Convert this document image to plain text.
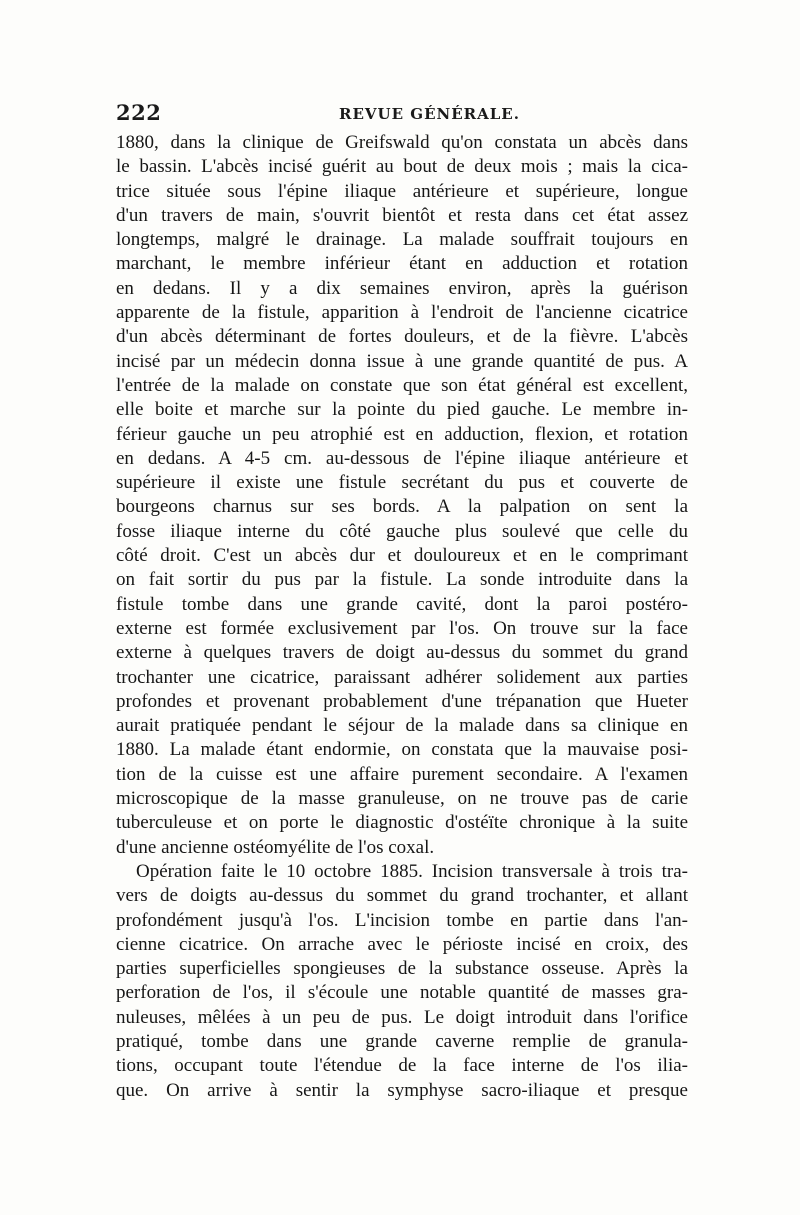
222	REVUE GÉNÉRALE.
1880, dans la clinique de Greifswald qu'on constata un abcès dans
le bassin. L'abcès incisé guérit au bout de deux mois ; mais la cica-
trice située sous l'épine iliaque antérieure et supérieure, longue
d'un travers de main, s'ouvrit bientôt et resta dans cet état assez
longtemps, malgré le drainage. La malade souffrait toujours en
marchant, le membre inférieur étant en adduction et rotation
en dedans. Il y a dix semaines environ, après la guérison
apparente de la fistule, apparition à l'endroit de l'ancienne cicatrice
d'un abcès déterminant de fortes douleurs, et de la fièvre. L'abcès
incisé par un médecin donna issue à une grande quantité de pus. A
l'entrée de la malade on constate que son état général est excellent,
elle boite et marche sur la pointe du pied gauche. Le membre in-
férieur gauche un peu atrophié est en adduction, flexion, et rotation
en dedans. A 4-5 cm. au-dessous de l'épine iliaque antérieure et
supérieure il existe une fistule secrétant du pus et couverte de
bourgeons charnus sur ses bords. A la palpation on sent la
fosse iliaque interne du côté gauche plus soulevé que celle du
côté droit. C'est un abcès dur et douloureux et en le comprimant
on fait sortir du pus par la fistule. La sonde introduite dans la
fistule tombe dans une grande cavité, dont la paroi postéro-
externe est formée exclusivement par l'os. On trouve sur la face
externe à quelques travers de doigt au-dessus du sommet du grand
trochanter une cicatrice, paraissant adhérer solidement aux parties
profondes et provenant probablement d'une trépanation que Hueter
aurait pratiquée pendant le séjour de la malade dans sa clinique en
1880. La malade étant endormie, on constata que la mauvaise posi-
tion de la cuisse est une affaire purement secondaire. A l'examen
microscopique de la masse granuleuse, on ne trouve pas de carie
tuberculeuse et on porte le diagnostic d'ostéïte chronique à la suite
d'une ancienne ostéomyélite de l'os coxal.
Opération faite le 10 octobre 1885. Incision transversale à trois tra-
vers de doigts au-dessus du sommet du grand trochanter, et allant
profondément jusqu'à l'os. L'incision tombe en partie dans l'an-
cienne cicatrice. On arrache avec le périoste incisé en croix, des
parties superficielles spongieuses de la substance osseuse. Après la
perforation de l'os, il s'écoule une notable quantité de masses gra-
nuleuses, mêlées à un peu de pus. Le doigt introduit dans l'orifice
pratiqué, tombe dans une grande caverne remplie de granula-
tions, occupant toute l'étendue de la face interne de l'os ilia-
que. On arrive à sentir la symphyse sacro-iliaque et presque
